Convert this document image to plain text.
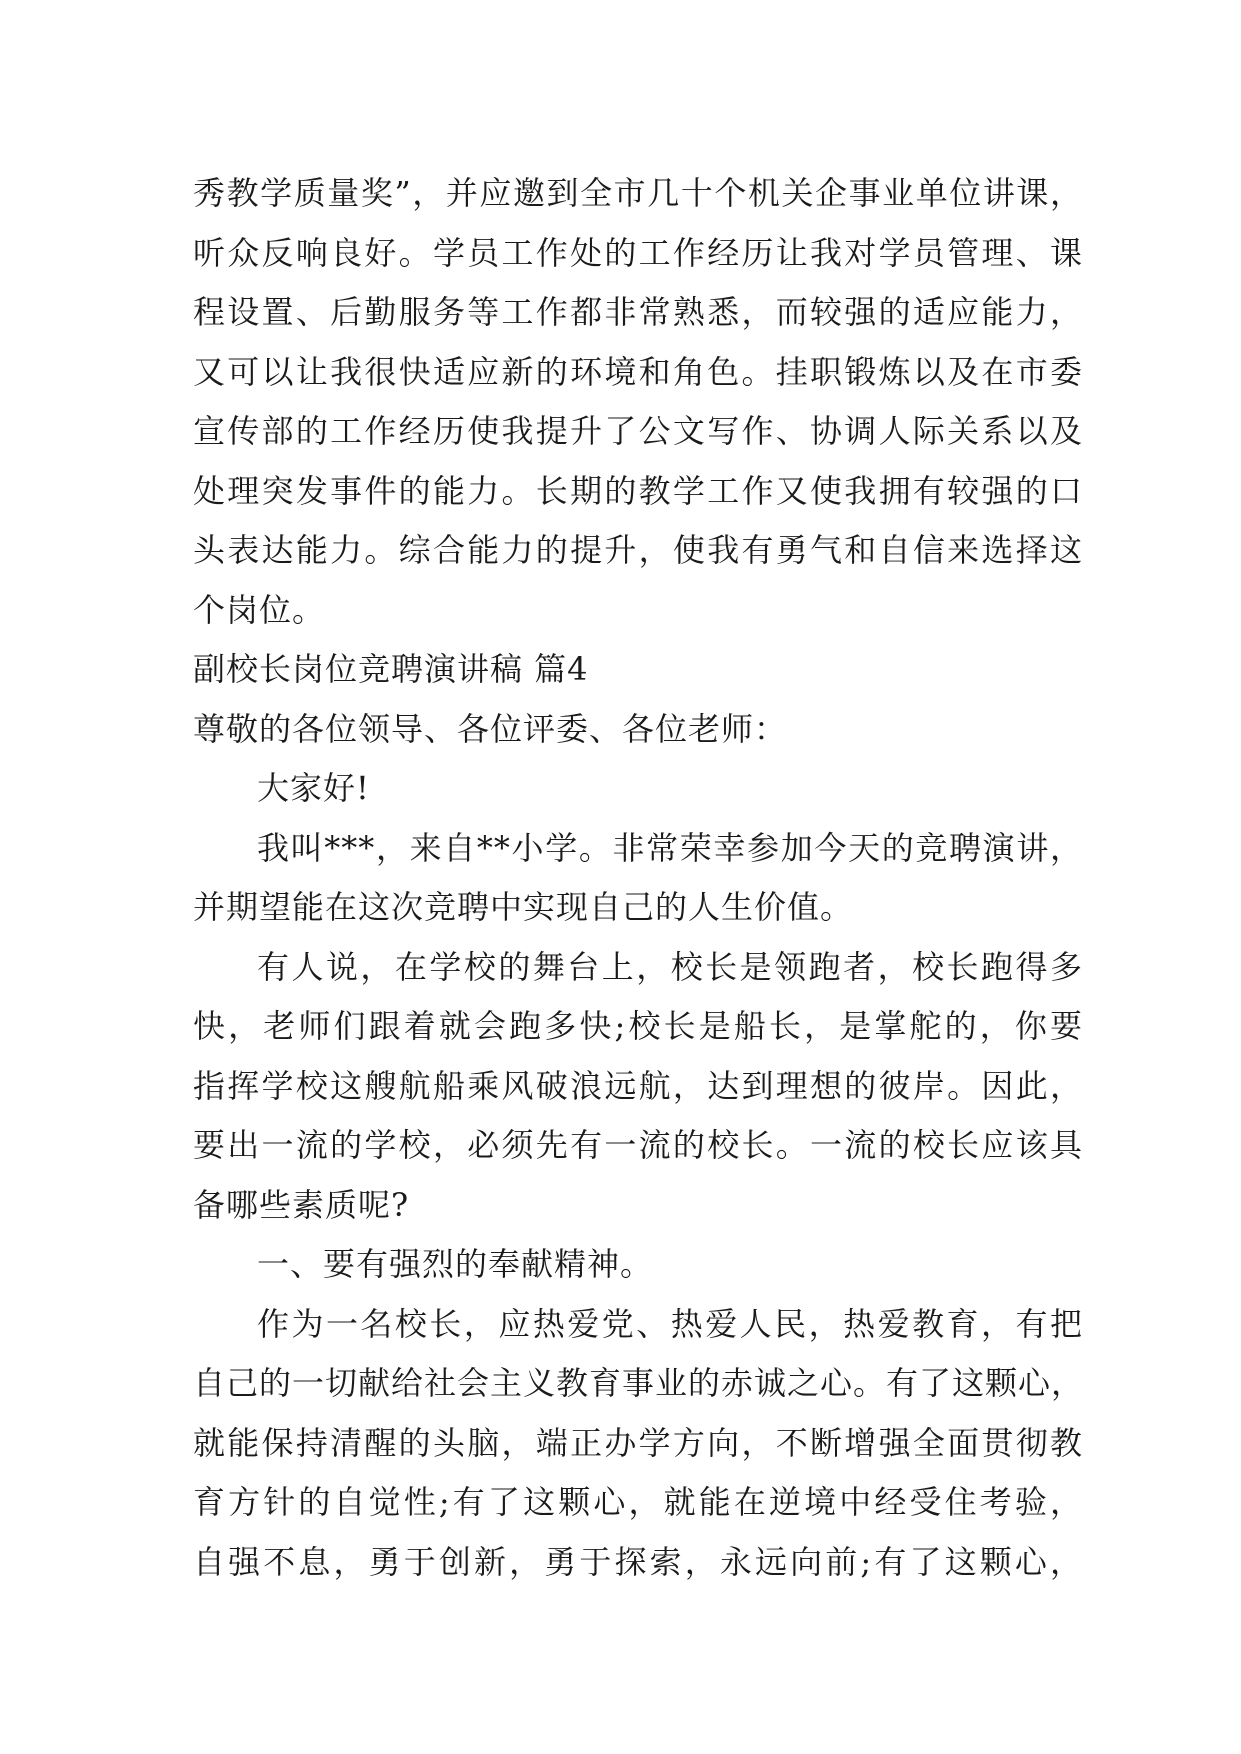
秀教学质量奖”，并应邀到全市几十个机关企事业单位讲课，
听众反响良好。学员工作处的工作经历让我对学员管理、课
程设置、后勤服务等工作都非常熟悉，而较强的适应能力，
又可以让我很快适应新的环境和角色。挂职锻炼以及在市委
宣传部的工作经历使我提升了公文写作、协调人际关系以及
处理突发事件的能力。长期的教学工作又使我拥有较强的口
头表达能力。综合能力的提升，使我有勇气和自信来选择这
个岗位。
副校长岗位竞聘演讲稿 篇4
尊敬的各位领导、各位评委、各位老师：
大家好!
我叫***，来自**小学。非常荣幸参加今天的竞聘演讲，
并期望能在这次竞聘中实现自己的人生价值。
有人说，在学校的舞台上，校长是领跑者，校长跑得多
快，老师们跟着就会跑多快;校长是船长，是掌舵的，你要
指挥学校这艘航船乘风破浪远航，达到理想的彼岸。因此，
要出一流的学校，必须先有一流的校长。一流的校长应该具
备哪些素质呢?
一、要有强烈的奉献精神。
作为一名校长，应热爱党、热爱人民，热爱教育，有把
自己的一切献给社会主义教育事业的赤诚之心。有了这颗心，
就能保持清醒的头脑，端正办学方向，不断增强全面贯彻教
育方针的自觉性;有了这颗心，就能在逆境中经受住考验，
自强不息，勇于创新，勇于探索，永远向前;有了这颗心，
